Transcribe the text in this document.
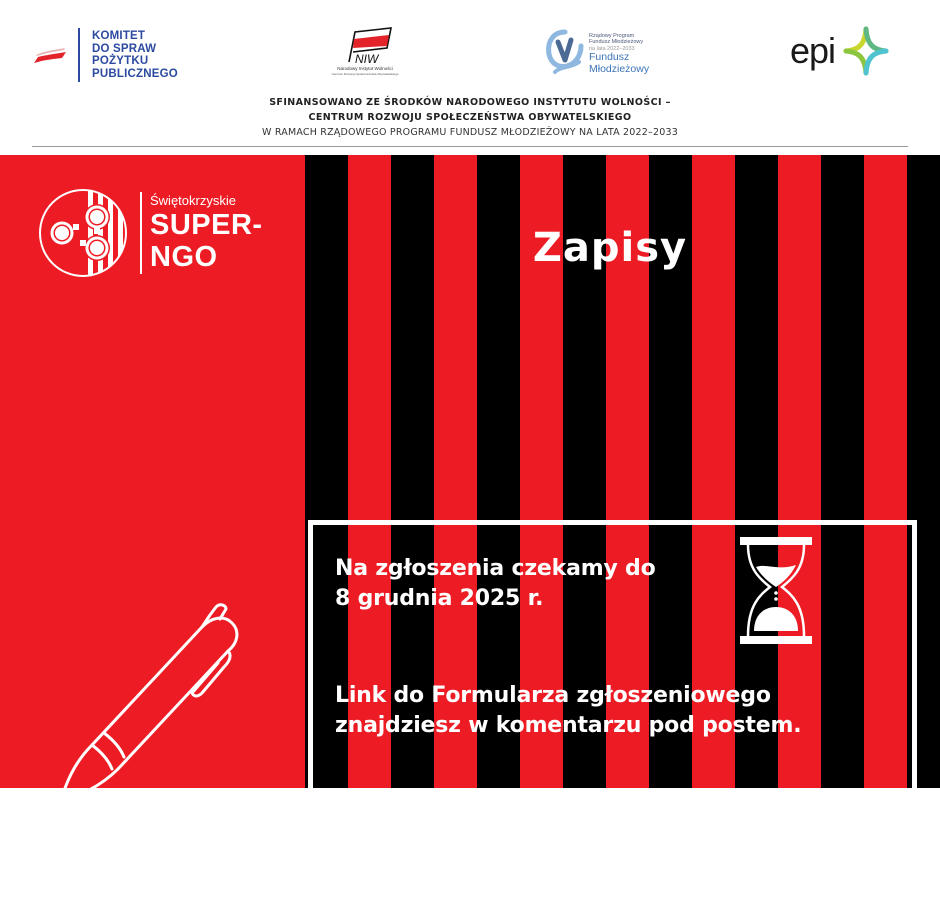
KOMITET
DO SPRAW
POŻYTKU
PUBLICZNEGO
NIW
Narodowy Instytut Wolności
Centrum Rozwoju Społeczeństwa Obywatelskiego
Rządowy Program
Fundusz Młodzieżowy
na lata 2022–2033
Fundusz
Młodzieżowy	epi
SFINANSOWANO ZE ŚRODKÓW NARODOWEGO INSTYTUTU WOLNOŚCI –
CENTRUM ROZWOJU SPOŁECZEŃSTWA OBYWATELSKIEGO
W RAMACH RZĄDOWEGO PROGRAMU FUNDUSZ MŁODZIEŻOWY NA LATA 2022–2033
Świętokrzyskie
SUPER-
NGO	Zapisy
Na zgłoszenia czekamy do
8 grudnia 2025 r.
Link do Formularza zgłoszeniowego
znajdziesz w komentarzu pod postem.
Masz pytanie?
superngo@epi.org.pl
